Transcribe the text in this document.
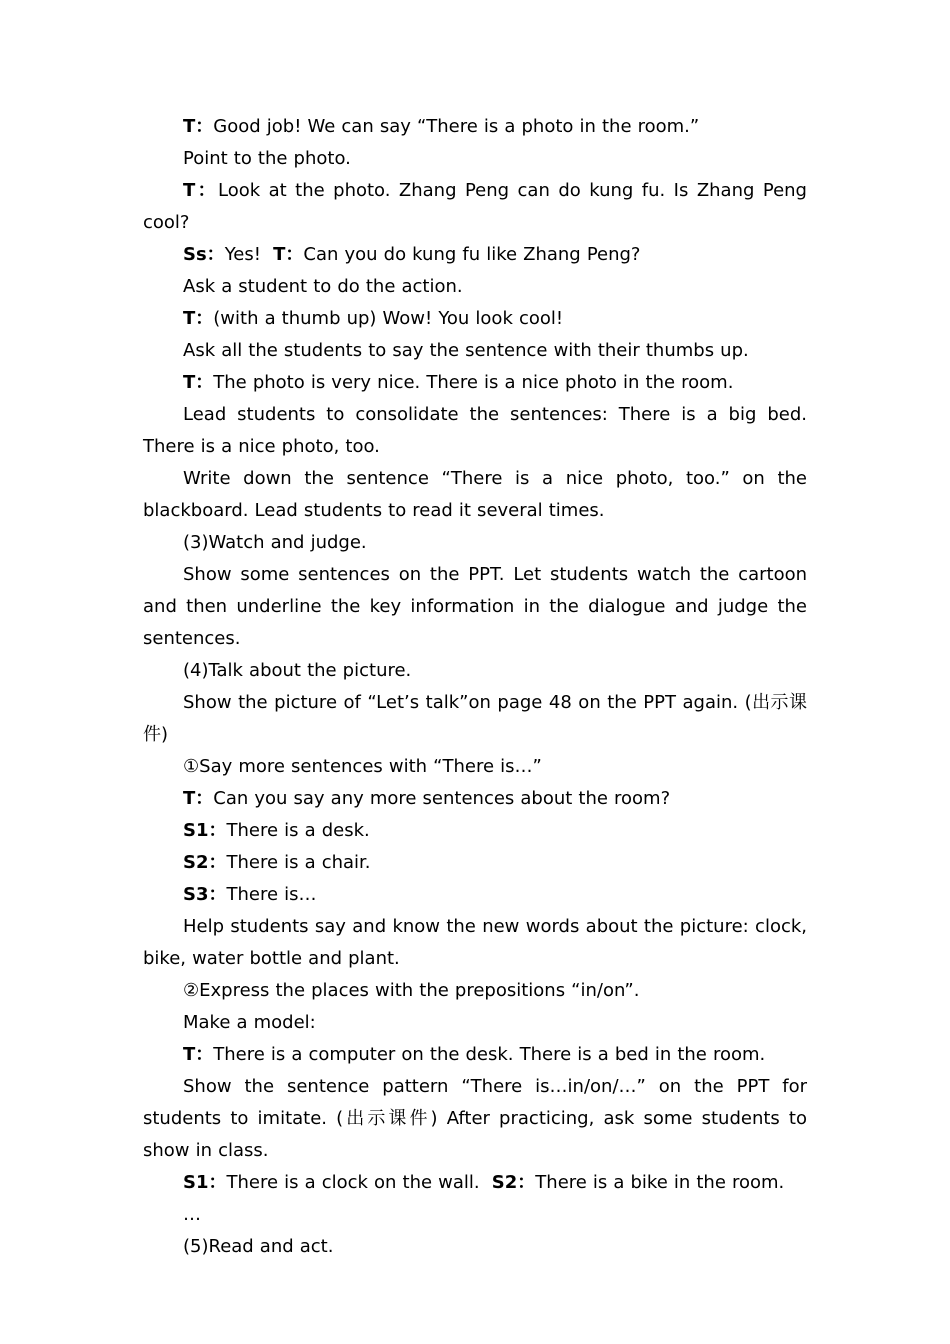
T：Good job! We can say “There is a photo in the room.”

Point to the photo.

T：Look at the photo. Zhang Peng can do kung fu. Is Zhang Peng cool?

Ss：Yes!  T：Can you do kung fu like Zhang Peng?

Ask a student to do the action.

T：(with a thumb up) Wow! You look cool!

Ask all the students to say the sentence with their thumbs up.

T：The photo is very nice. There is a nice photo in the room.

Lead students to consolidate the sentences: There is a big bed. There is a nice photo, too.

Write down the sentence “There is a nice photo, too.” on the blackboard. Lead students to read it several times.

(3)Watch and judge.

Show some sentences on the PPT. Let students watch the cartoon and then underline the key information in the dialogue and judge the sentences.

(4)Talk about the picture.

Show the picture of “Let’s talk”on page 48 on the PPT again. (出示课件)

①Say more sentences with “There is…”

T：Can you say any more sentences about the room?

S1：There is a desk.

S2：There is a chair.

S3：There is…

Help students say and know the new words about the picture: clock, bike, water bottle and plant.

②Express the places with the prepositions “in/on”.

Make a model:

T：There is a computer on the desk. There is a bed in the room.

Show the sentence pattern “There is…in/on/…” on the PPT for students to imitate. (出示课件) After practicing, ask some students to show in class.

S1：There is a clock on the wall.  S2：There is a bike in the room.

…

(5)Read and act.
